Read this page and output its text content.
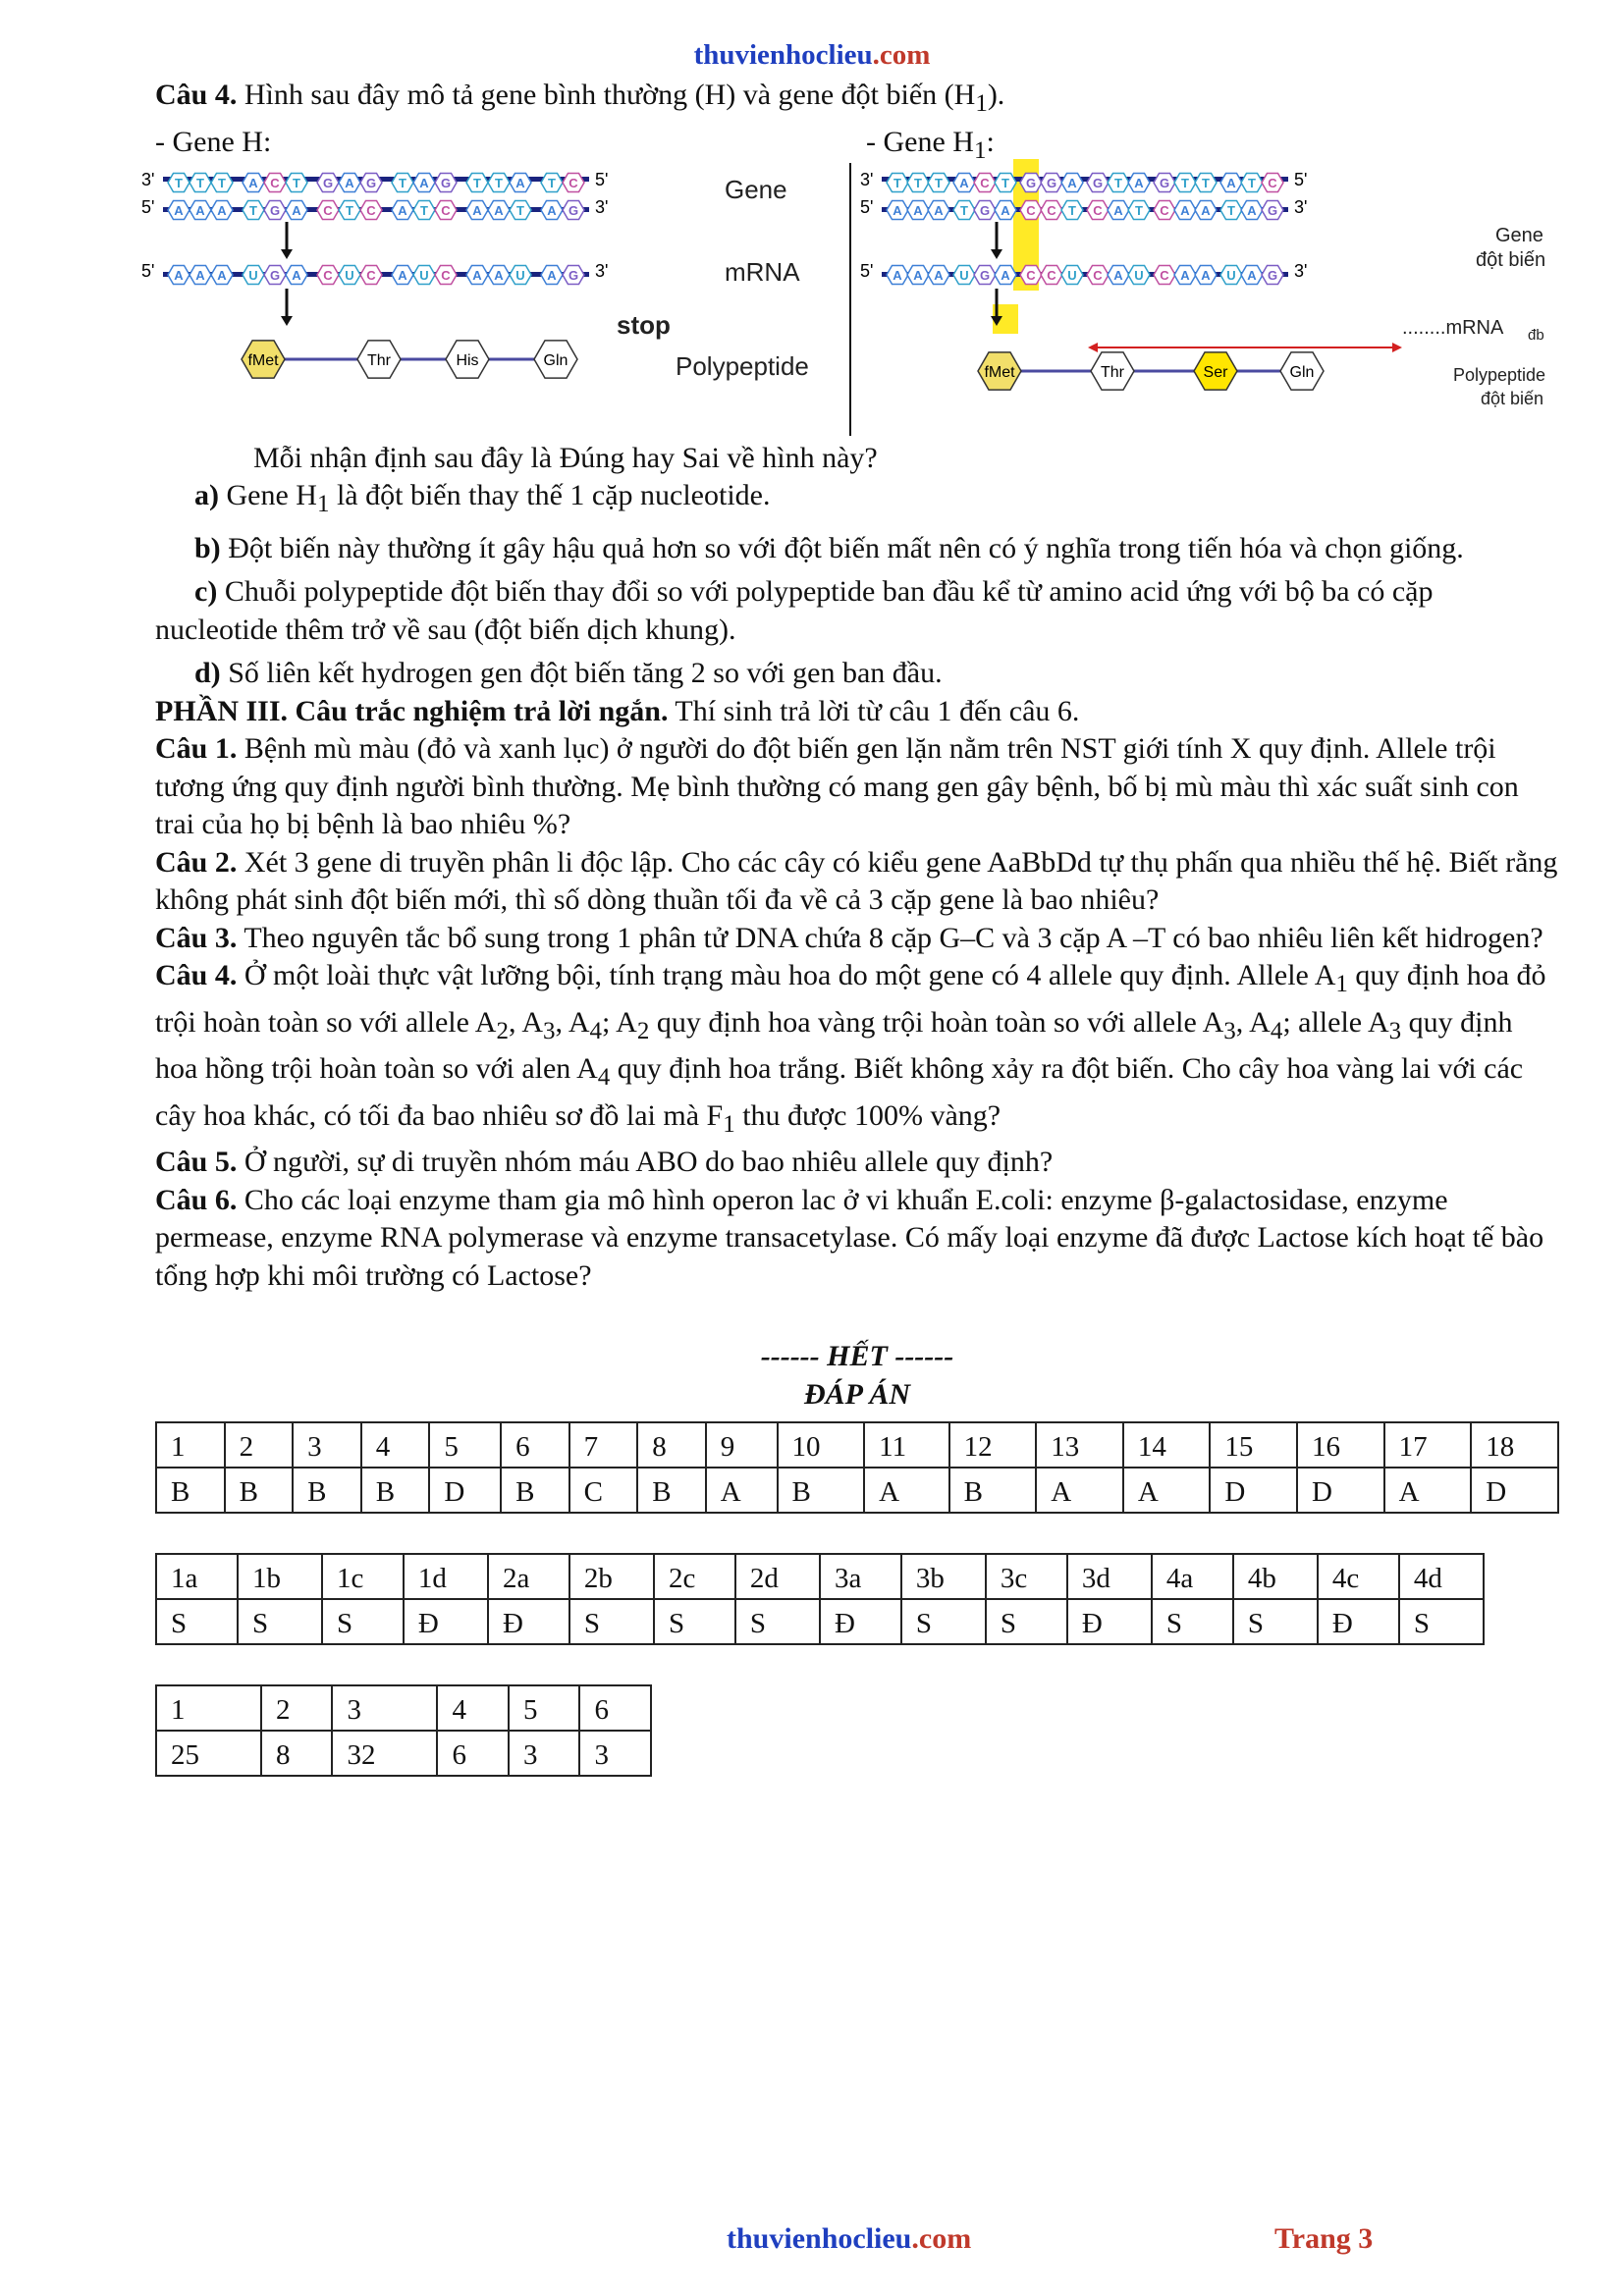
thuvienhoclieu.com

Câu 4. Hình sau đây mô tả gene bình thường (H) và gene đột biến $(H_1)$.

- Gene H:	- Gene $H_1$:
3'
5'
5'
5'
3'
3'
T T T A C T G A G T A G T T A T C
A A A T G A C T C A T C A A T A G
A A A U G A C U C A U C A A U A G
Gene
mRNA
stop
Polypeptide
fMet	Thr	His	Gln
3'
5'
5'
5'
3'
3'
T T T A C T G G A G T A G T T A T C
A A A T G A C C T C A T C A A T A G
A A A U G A C C U C A U C A A U A G
Gene
đột biến
........mRNA đb
Polypeptide
đột biến
fMet	Thr	Ser	Gln

Mỗi nhận định sau đây là Đúng hay Sai về hình này?

a) Gene $H_1$ là đột biến thay thế 1 cặp nucleotide.

b) Đột biến này thường ít gây hậu quả hơn so với đột biến mất nên có ý nghĩa trong tiến hóa và chọn giống.

c) Chuỗi polypeptide đột biến thay đổi so với polypeptide ban đầu kể từ amino acid ứng với bộ ba có cặp nucleotide thêm trở về sau (đột biến dịch khung).

d) Số liên kết hydrogen gen đột biến tăng 2 so với gen ban đầu.

PHẦN III. Câu trắc nghiệm trả lời ngắn. Thí sinh trả lời từ câu 1 đến câu 6.

Câu 1. Bệnh mù màu (đỏ và xanh lục) ở người do đột biến gen lặn nằm trên NST giới tính X quy định. Allele trội tương ứng quy định người bình thường. Mẹ bình thường có mang gen gây bệnh, bố bị mù màu thì xác suất sinh con trai của họ bị bệnh là bao nhiêu %?

Câu 2. Xét 3 gene di truyền phân li độc lập. Cho các cây có kiểu gene AaBbDd tự thụ phấn qua nhiều thế hệ. Biết rằng không phát sinh đột biến mới, thì số dòng thuần tối đa về cả 3 cặp gene là bao nhiêu?

Câu 3. Theo nguyên tắc bổ sung trong 1 phân tử DNA chứa 8 cặp G–C và 3 cặp A –T có bao nhiêu liên kết hidrogen?

Câu 4. Ở một loài thực vật lưỡng bội, tính trạng màu hoa do một gene có 4 allele quy định. Allele $A_1$ quy định hoa đỏ trội hoàn toàn so với allele $A_2$, $A_3$, $A_4$; $A_2$ quy định hoa vàng trội hoàn toàn so với allele $A_3$, $A_4$; allele $A_3$ quy định hoa hồng trội hoàn toàn so với alen $A_4$ quy định hoa trắng. Biết không xảy ra đột biến. Cho cây hoa vàng lai với các cây hoa khác, có tối đa bao nhiêu sơ đồ lai mà $F_1$ thu được 100% vàng?

Câu 5. Ở người, sự di truyền nhóm máu ABO do bao nhiêu allele quy định?

Câu 6. Cho các loại enzyme tham gia mô hình operon lac ở vi khuẩn E.coli: enzyme β-galactosidase, enzyme permease, enzyme RNA polymerase và enzyme transacetylase. Có mấy loại enzyme đã được Lactose kích hoạt tế bào tổng hợp khi môi trường có Lactose?

------ HẾT ------

ĐÁP ÁN

1	2	3	4	5	6	7	8	9	10	11	12	13	14	15	16	17	18
B	B	B	B	D	B	C	B	A	B	A	B	A	A	D	D	A	D
1a	1b	1c	1d	2a	2b	2c	2d	3a	3b	3c	3d	4a	4b	4c	4d
S	S	S	Đ	Đ	S	S	S	Đ	S	S	Đ	S	S	Đ	S
1	2	3	4	5	6
25	8	32	6	3	3
thuvienhoclieu.com	Trang 3
